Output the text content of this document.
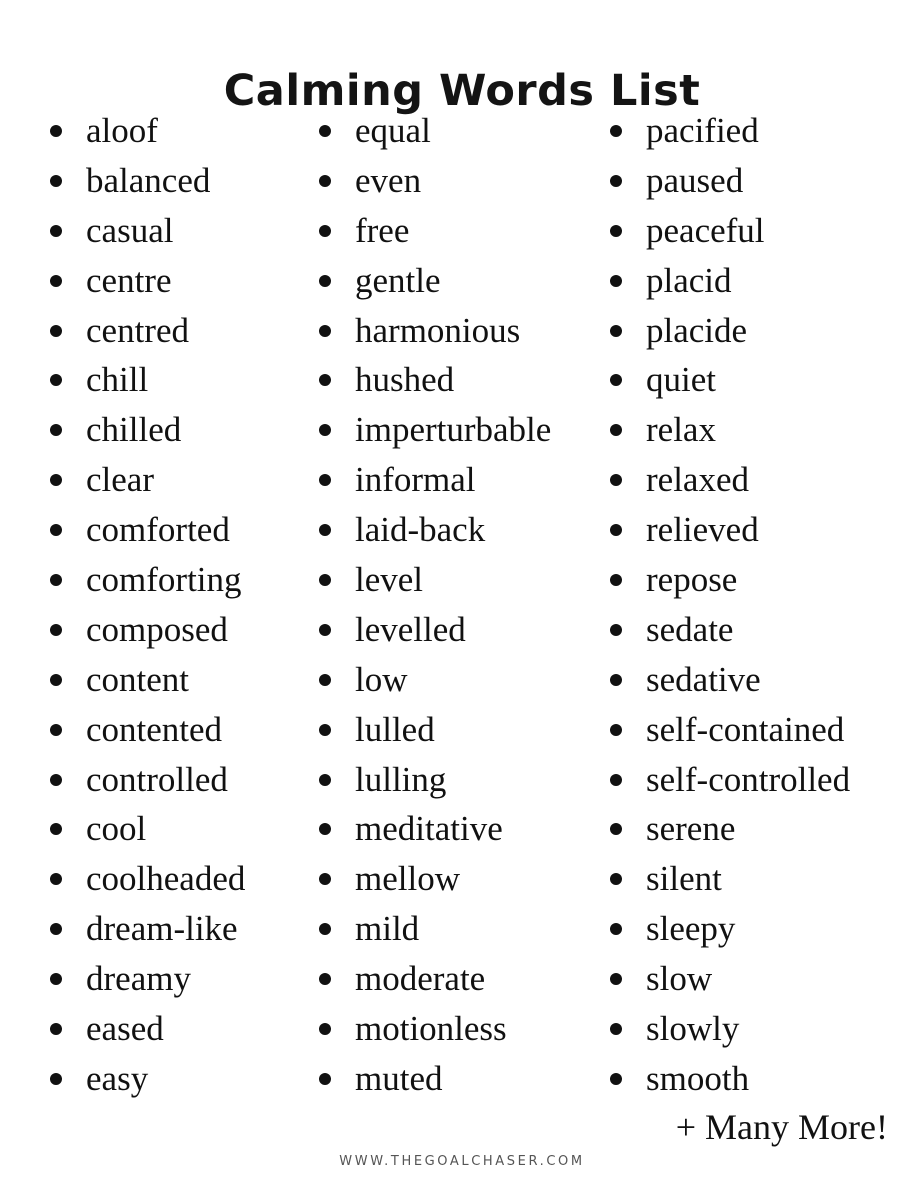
Calming Words List
aloof
balanced
casual
centre
centred
chill
chilled
clear
comforted
comforting
composed
content
contented
controlled
cool
coolheaded
dream-like
dreamy
eased
easy
equal
even
free
gentle
harmonious
hushed
imperturbable
informal
laid-back
level
levelled
low
lulled
lulling
meditative
mellow
mild
moderate
motionless
muted
pacified
paused
peaceful
placid
placide
quiet
relax
relaxed
relieved
repose
sedate
sedative
self-contained
self-controlled
serene
silent
sleepy
slow
slowly
smooth
+ Many More!
WWW.THEGOALCHASER.COM
